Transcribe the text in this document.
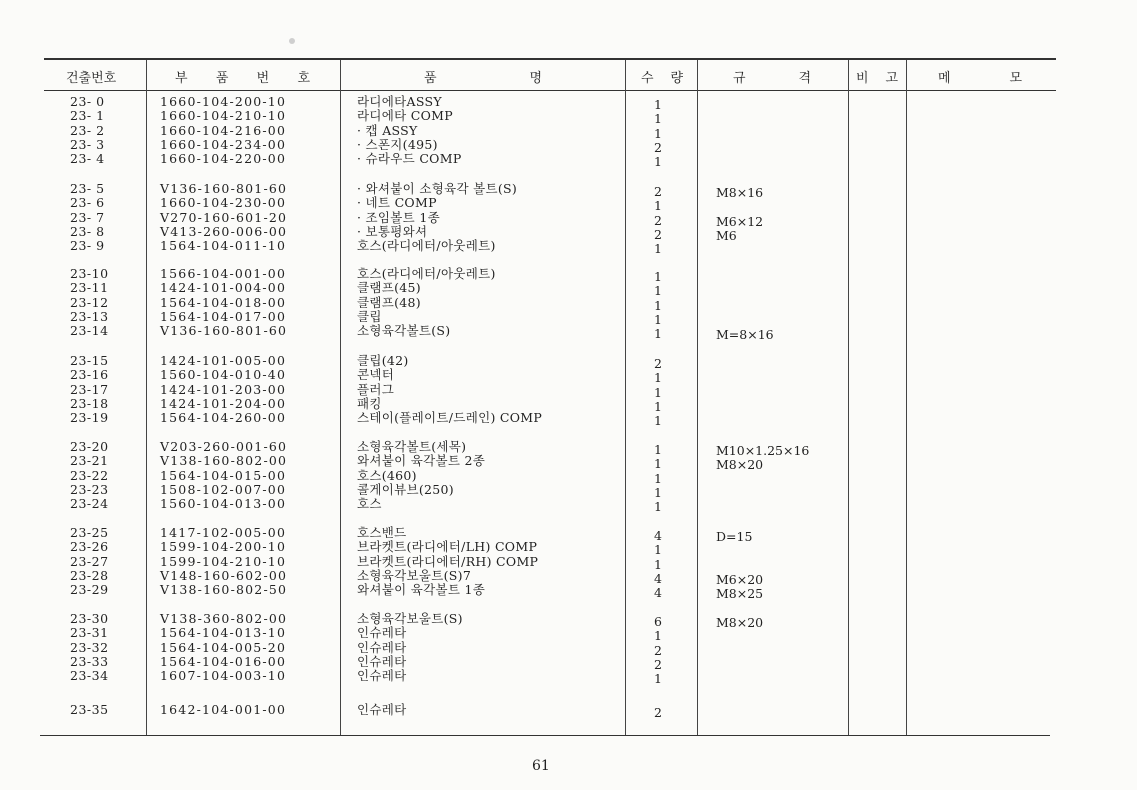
건출번호	부 품 번 호	품	명	수 량	규	격	비 고	메	모
23- 0	1660-104-200-10	라디에타ASSY	1
23- 1	1660-104-210-10	라디에타 COMP	1
23- 2	1660-104-216-00	· 캡 ASSY	1
23- 3	1660-104-234-00	· 스폰지(495)	2
23- 4	1660-104-220-00	· 슈라우드 COMP	1
23- 5	V136-160-801-60	· 와셔붙이 소형육각 볼트(S)	2	M8×16
23- 6	1660-104-230-00	· 네트 COMP	1
23- 7	V270-160-601-20	· 조임볼트 1종	2	M6×12
23- 8	V413-260-006-00	· 보통평와셔	2	M6
23- 9	1564-104-011-10	호스(라디에터/아웃레트)	1
23-10	1566-104-001-00	호스(라디에터/아웃레트)	1
23-11	1424-101-004-00	클램프(45)	1
23-12	1564-104-018-00	클램프(48)	1
23-13	1564-104-017-00	클립	1
23-14	V136-160-801-60	소형육각볼트(S)	1	M=8×16
23-15	1424-101-005-00	클립(42)	2
23-16	1560-104-010-40	콘넥터	1
23-17	1424-101-203-00	플러그	1
23-18	1424-101-204-00	패킹	1
23-19	1564-104-260-00	스테이(플레이트/드레인) COMP	1
23-20	V203-260-001-60	소형육각볼트(세목)	1	M10×1.25×16
23-21	V138-160-802-00	와셔붙이 육각볼트 2종	1	M8×20
23-22	1564-104-015-00	호스(460)	1
23-23	1508-102-007-00	콜게이뷰브(250)	1
23-24	1560-104-013-00	호스	1
23-25	1417-102-005-00	호스밴드	4	D=15
23-26	1599-104-200-10	브라켓트(라디에터/LH) COMP	1
23-27	1599-104-210-10	브라켓트(라디에터/RH) COMP	1
23-28	V148-160-602-00	소형육각보울트(S)7	4	M6×20
23-29	V138-160-802-50	와셔붙이 육각볼트 1종	4	M8×25
23-30	V138-360-802-00	소형육각보울트(S)	6	M8×20
23-31	1564-104-013-10	인슈레타	1
23-32	1564-104-005-20	인슈레타	2
23-33	1564-104-016-00	인슈레타	2
23-34	1607-104-003-10	인슈레타	1
23-35	1642-104-001-00	인슈레타	2
61
